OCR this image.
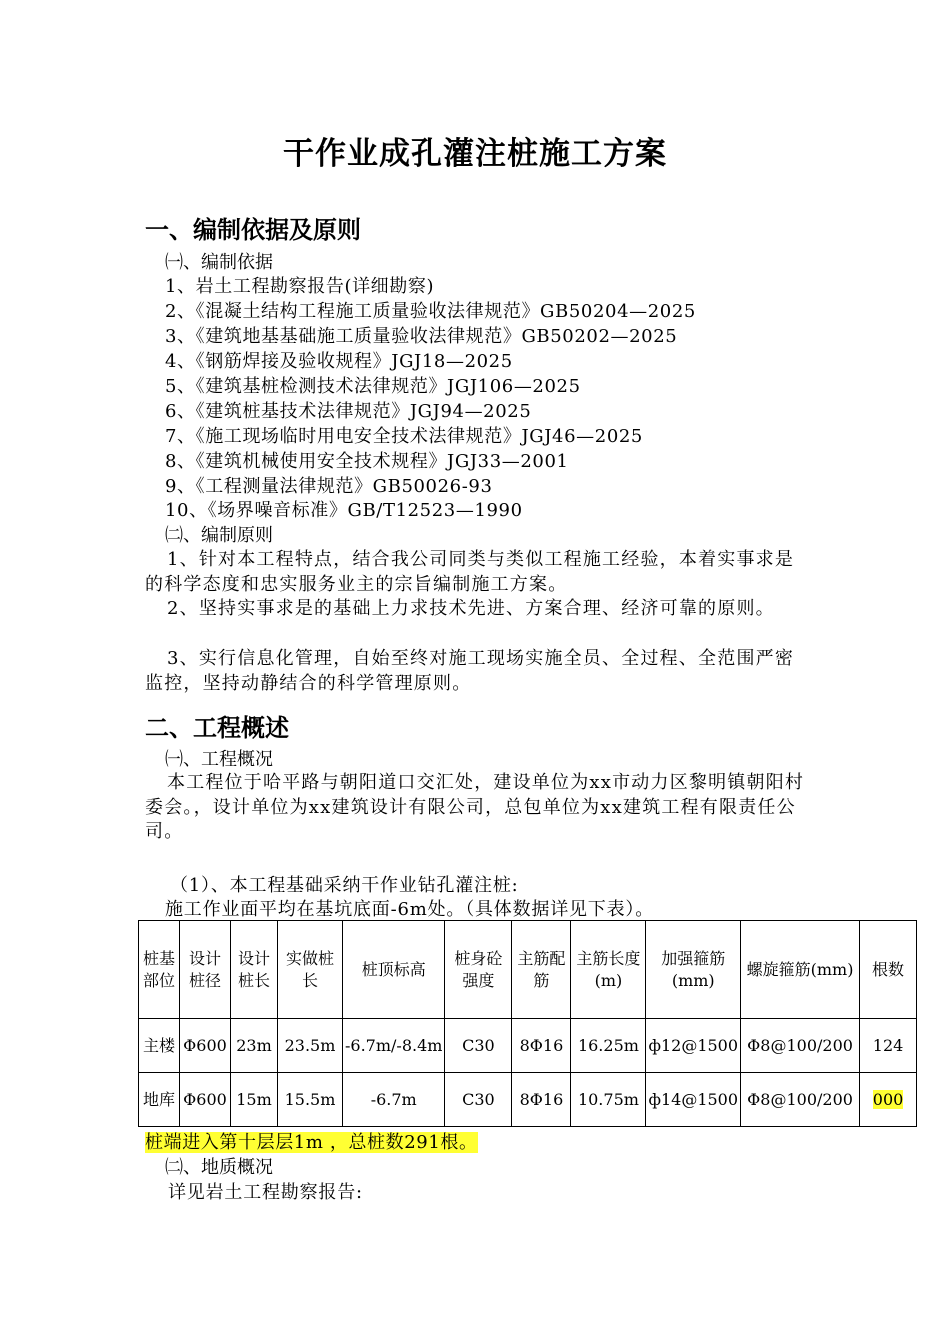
干作业成孔灌注桩施工方案
一、编制依据及原则
㈠、编制依据
1、岩土工程勘察报告(详细勘察)
2、《混凝土结构工程施工质量验收法律规范》GB50204—2025
3、《建筑地基基础施工质量验收法律规范》GB50202—2025
4、《钢筋焊接及验收规程》JGJ18—2025
5、《建筑基桩检测技术法律规范》JGJ106—2025
6、《建筑桩基技术法律规范》JGJ94—2025
7、《施工现场临时用电安全技术法律规范》JGJ46—2025
8、《建筑机械使用安全技术规程》JGJ33—2001
9、《工程测量法律规范》GB50026-93
10、《场界噪音标准》GB/T12523—1990
㈡、编制原则
1、针对本工程特点，结合我公司同类与类似工程施工经验，本着实事求是的科学态度和忠实服务业主的宗旨编制施工方案。
2、坚持实事求是的基础上力求技术先进、方案合理、经济可靠的原则。
3、实行信息化管理，自始至终对施工现场实施全员、全过程、全范围严密监控，坚持动静结合的科学管理原则。
二、工程概述
㈠、工程概况
本工程位于哈平路与朝阳道口交汇处，建设单位为xx市动力区黎明镇朝阳村委会。，设计单位为xx建筑设计有限公司，总包单位为xx建筑工程有限责任公司。
（1）、本工程基础采纳干作业钻孔灌注桩:
施工作业面平均在基坑底面-6m处。（具体数据详见下表）。
桩基部位	设计桩径	设计桩长	实做桩长	桩顶标高	桩身砼强度	主筋配筋	主筋长度(m)	加强箍筋(mm)	螺旋箍筋(mm)	根数
主楼	Φ600	23m	23.5m	-6.7m/-8.4m	C30	8Φ16	16.25m	ф12@1500	Φ8@100/200	124
地库	Φ600	15m	15.5m	-6.7m	C30	8Φ16	10.75m	ф14@1500	Φ8@100/200	000
桩端进入第十层层1m ，总桩数291根。
㈡、地质概况
详见岩土工程勘察报告:
